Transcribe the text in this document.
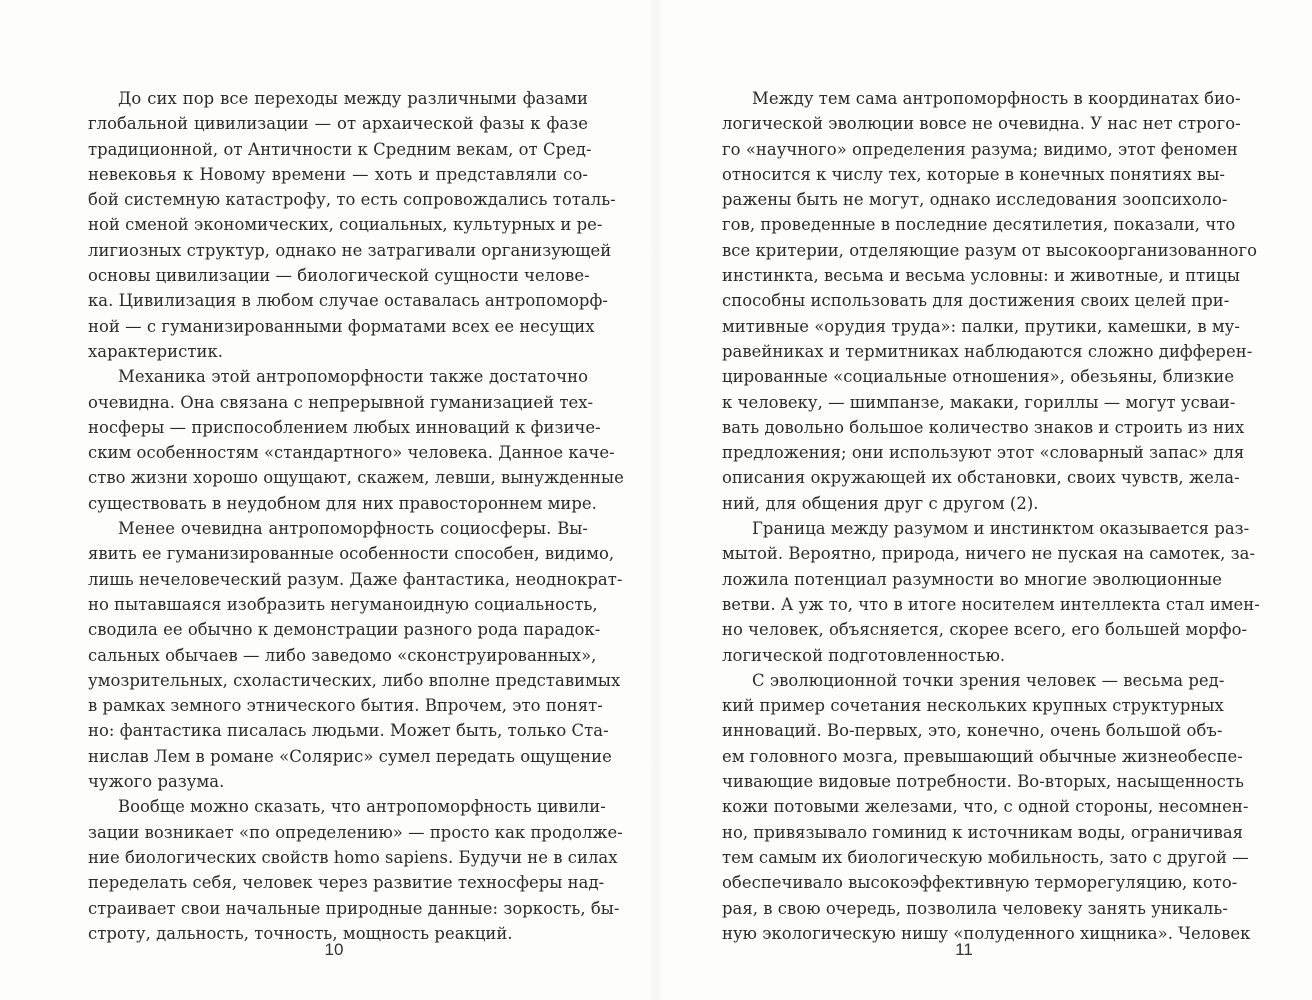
До сих пор все переходы между различными фазами
глобальной цивилизации — от архаической фазы к фазе
традиционной, от Античности к Средним векам, от Сред-
невековья к Новому времени — хоть и представляли со-
бой системную катастрофу, то есть сопровождались тоталь-
ной сменой экономических, социальных, культурных и ре-
лигиозных структур, однако не затрагивали организующей
основы цивилизации — биологической сущности челове-
ка. Цивилизация в любом случае оставалась антропоморф-
ной — с гуманизированными форматами всех ее несущих
характеристик.
Механика этой антропоморфности также достаточно
очевидна. Она связана с непрерывной гуманизацией тех-
носферы — приспособлением любых инноваций к физиче-
ским особенностям «стандартного» человека. Данное каче-
ство жизни хорошо ощущают, скажем, левши, вынужденные
существовать в неудобном для них правостороннем мире.
Менее очевидна антропоморфность социосферы. Вы-
явить ее гуманизированные особенности способен, видимо,
лишь нечеловеческий разум. Даже фантастика, неоднократ-
но пытавшаяся изобразить негуманоидную социальность,
сводила ее обычно к демонстрации разного рода парадок-
сальных обычаев — либо заведомо «сконструированных»,
умозрительных, схоластических, либо вполне представимых
в рамках земного этнического бытия. Впрочем, это понят-
но: фантастика писалась людьми. Может быть, только Ста-
нислав Лем в романе «Солярис» сумел передать ощущение
чужого разума.
Вообще можно сказать, что антропоморфность цивили-
зации возникает «по определению» — просто как продолже-
ние биологических свойств homo sapiens. Будучи не в силах
переделать себя, человек через развитие техносферы над-
страивает свои начальные природные данные: зоркость, бы-
строту, дальность, точность, мощность реакций.
10
Между тем сама антропоморфность в координатах био-
логической эволюции вовсе не очевидна. У нас нет строго-
го «научного» определения разума; видимо, этот феномен
относится к числу тех, которые в конечных понятиях вы-
ражены быть не могут, однако исследования зоопсихоло-
гов, проведенные в последние десятилетия, показали, что
все критерии, отделяющие разум от высокоорганизованного
инстинкта, весьма и весьма условны: и животные, и птицы
способны использовать для достижения своих целей при-
митивные «орудия труда»: палки, прутики, камешки, в му-
равейниках и термитниках наблюдаются сложно дифферен-
цированные «социальные отношения», обезьяны, близкие
к человеку, — шимпанзе, макаки, гориллы — могут усваи-
вать довольно большое количество знаков и строить из них
предложения; они используют этот «словарный запас» для
описания окружающей их обстановки, своих чувств, жела-
ний, для общения друг с другом (2).
Граница между разумом и инстинктом оказывается раз-
мытой. Вероятно, природа, ничего не пуская на самотек, за-
ложила потенциал разумности во многие эволюционные
ветви. А уж то, что в итоге носителем интеллекта стал имен-
но человек, объясняется, скорее всего, его большей морфо-
логической подготовленностью.
С эволюционной точки зрения человек — весьма ред-
кий пример сочетания нескольких крупных структурных
инноваций. Во-первых, это, конечно, очень большой объ-
ем головного мозга, превышающий обычные жизнеобеспе-
чивающие видовые потребности. Во-вторых, насыщенность
кожи потовыми железами, что, с одной стороны, несомнен-
но, привязывало гоминид к источникам воды, ограничивая
тем самым их биологическую мобильность, зато с другой —
обеспечивало высокоэффективную терморегуляцию, кото-
рая, в свою очередь, позволила человеку занять уникаль-
ную экологическую нишу «полуденного хищника». Человек
11
